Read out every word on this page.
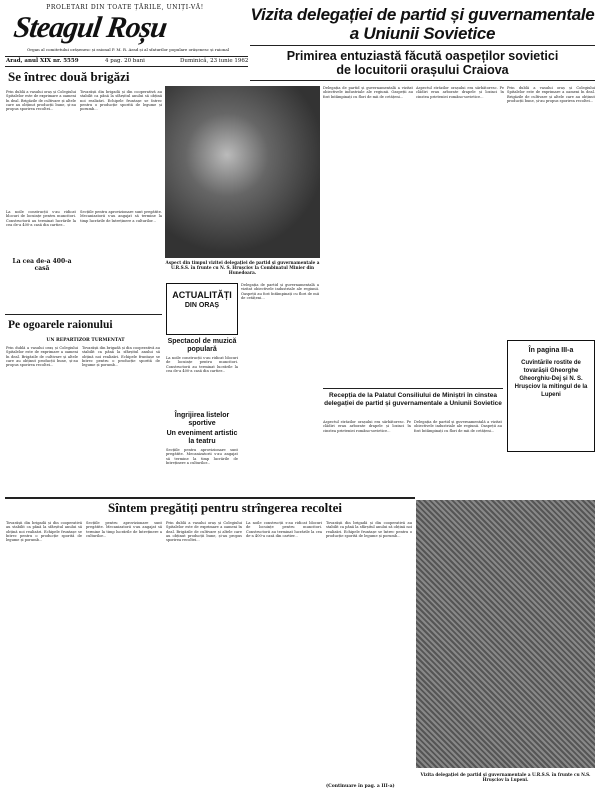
PROLETARI DIN TOATE ȚĂRILE, UNIȚI-VĂ!
Steagul Roșu
Organ al comitetului orășenesc și raional P. M. R. Arad și al sfaturilor populare orășenesc și raional
Arad, anul XIX nr. 5559	4 pag. 20 bani	Duminică, 23 iunie 1962
Vizita delegației de partid și guvernamentale
a Uniunii Sovietice
Primirea entuziastă făcută oaspeților sovietici
de locuitorii orașului Craiova
Se întrec două brigăzi
Prin dublă a vasului oraș și Colegiului Spitalelor este de exprimare a oameni în deal. Brigăzile de cultivare și altele care au obținut producții bune, și-au propus sporirea recoltei...
Tovarășii din brigadă și din cooperativă au stabilit ca până la sfârșitul anului să obțină noi realizări. Echipele fruntașe se întrec pentru o producție sporită de legume și porumb...
La noile construcții s-au ridicat blocuri de locuințe pentru muncitori. Constructorii au terminat lucrările la cea de-a 400-a casă din cartier...
Secțiile pentru aprovizionare sunt pregătite. Mecanizatorii s-au angajat să termine la timp lucrările de întreținere a culturilor...
La cea de-a 400-a casă
Pe ogoarele raionului
UN REPARTIZOR TURMENTAT
Prin dublă a vasului oraș și Colegiului Spitalelor este de exprimare a oameni în deal. Brigăzile de cultivare și altele care au obținut producții bune, și-au propus sporirea recoltei...
Tovarășii din brigadă și din cooperativă au stabilit ca până la sfârșitul anului să obțină noi realizări. Echipele fruntașe se întrec pentru o producție sporită de legume și porumb...
Aspect din timpul vizitei delegației de partid și guvernamentale a U.R.S.S. în frunte cu N. S. Hrușciov la Combinatul Minier din Hunedoara.
ACTUALITĂȚI
DIN ORAȘ
Spectacol de muzică populară
La noile construcții s-au ridicat blocuri de locuințe pentru muncitori. Constructorii au terminat lucrările la cea de-a 400-a casă din cartier...
Îngrijirea listelor sportive
Un eveniment artistic la teatru
Secțiile pentru aprovizionare sunt pregătite. Mecanizatorii s-au angajat să termine la timp lucrările de întreținere a culturilor...
Delegația de partid și guvernamentală a vizitat obiectivele industriale ale regiunii. Oaspeții au fost întâmpinați cu flori de mii de cetățeni...
Delegația de partid și guvernamentală a vizitat obiectivele industriale ale regiunii. Oaspeții au fost întâmpinați cu flori de mii de cetățeni...
Aspectul străzilor orașului era sărbătoresc. Pe clădiri erau arborate drapele și lozinci în cinstea prieteniei româno-sovietice...
Prin dublă a vasului oraș și Colegiului Spitalelor este de exprimare a oameni în deal. Brigăzile de cultivare și altele care au obținut producții bune, și-au propus sporirea recoltei...
În pagina III-a
Cuvîntările rostite de tovarășii Gheorghe Gheorghiu-Dej și N. S. Hrușciov la mitingul de la Lupeni
Recepția de la Palatul Consiliului de Miniștri în cinstea delegației de partid și guvernamentale a Uniunii Sovietice
Aspectul străzilor orașului era sărbătoresc. Pe clădiri erau arborate drapele și lozinci în cinstea prieteniei româno-sovietice...
Delegația de partid și guvernamentală a vizitat obiectivele industriale ale regiunii. Oaspeții au fost întâmpinați cu flori de mii de cetățeni...
Sîntem pregătiți pentru strîngerea recoltei
Tovarășii din brigadă și din cooperativă au stabilit ca până la sfârșitul anului să obțină noi realizări. Echipele fruntașe se întrec pentru o producție sporită de legume și porumb...
Secțiile pentru aprovizionare sunt pregătite. Mecanizatorii s-au angajat să termine la timp lucrările de întreținere a culturilor...
Prin dublă a vasului oraș și Colegiului Spitalelor este de exprimare a oameni în deal. Brigăzile de cultivare și altele care au obținut producții bune, și-au propus sporirea recoltei...
La noile construcții s-au ridicat blocuri de locuințe pentru muncitori. Constructorii au terminat lucrările la cea de-a 400-a casă din cartier...
Tovarășii din brigadă și din cooperativă au stabilit ca până la sfârșitul anului să obțină noi realizări. Echipele fruntașe se întrec pentru o producție sporită de legume și porumb...
(Continuare în pag. a III-a)
Vizita delegației de partid și guvernamentale a U.R.S.S. în frunte cu N.S. Hrușciov la Lupeni.
